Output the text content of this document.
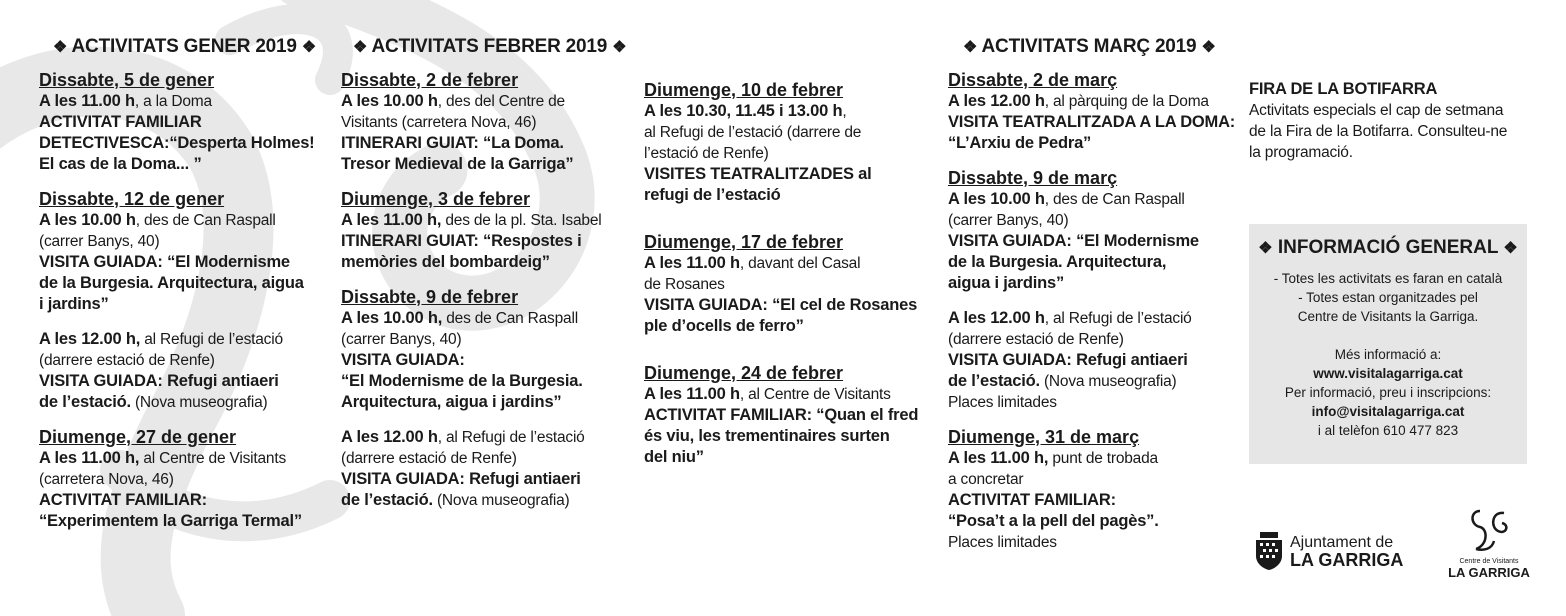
❖ ACTIVITATS GENER 2019 ❖
Dissabte, 5 de gener
A les 11.00 h, a la Doma
ACTIVITAT FAMILIAR
DETECTIVESCA:“Desperta Holmes!
El cas de la Doma... ”
Dissabte, 12 de gener
A les 10.00 h, des de Can Raspall
(carrer Banys, 40)
VISITA GUIADA: “El Modernisme
de la Burgesia. Arquitectura, aigua
i jardins”
A les 12.00 h, al Refugi de l’estació
(darrere estació de Renfe)
VISITA GUIADA: Refugi antiaeri
de l’estació. (Nova museografia)
Diumenge, 27 de gener
A les 11.00 h, al Centre de Visitants
(carretera Nova, 46)
ACTIVITAT FAMILIAR:
“Experimentem la Garriga Termal”
❖ ACTIVITATS FEBRER 2019 ❖
Dissabte, 2 de febrer
A les 10.00 h, des del Centre de
Visitants (carretera Nova, 46)
ITINERARI GUIAT: “La Doma.
Tresor Medieval de la Garriga”
Diumenge, 3 de febrer
A les 11.00 h, des de la pl. Sta. Isabel
ITINERARI GUIAT: “Respostes i
memòries del bombardeig”
Dissabte, 9 de febrer
A les 10.00 h, des de Can Raspall
(carrer Banys, 40)
VISITA GUIADA:
“El Modernisme de la Burgesia.
Arquitectura, aigua i jardins”
A les 12.00 h, al Refugi de l’estació
(darrere estació de Renfe)
VISITA GUIADA: Refugi antiaeri
de l’estació. (Nova museografia)
Diumenge, 10 de febrer
A les 10.30, 11.45 i 13.00 h,
al Refugi de l’estació (darrere de
l’estació de Renfe)
VISITES TEATRALITZADES al
refugi de l’estació
Diumenge, 17 de febrer
A les 11.00 h, davant del Casal
de Rosanes
VISITA GUIADA: “El cel de Rosanes
ple d’ocells de ferro”
Diumenge, 24 de febrer
A les 11.00 h, al Centre de Visitants
ACTIVITAT FAMILIAR: “Quan el fred
és viu, les trementinaires surten
del niu”
❖ ACTIVITATS MARÇ 2019 ❖
Dissabte, 2 de març
A les 12.00 h, al pàrquing de la Doma
VISITA TEATRALITZADA A LA DOMA:
“L’Arxiu de Pedra”
Dissabte, 9 de març
A les 10.00 h, des de Can Raspall
(carrer Banys, 40)
VISITA GUIADA: “El Modernisme
de la Burgesia. Arquitectura,
aigua i jardins”
A les 12.00 h, al Refugi de l’estació
(darrere estació de Renfe)
VISITA GUIADA: Refugi antiaeri
de l’estació. (Nova museografia)
Places limitades
Diumenge, 31 de març
A les 11.00 h, punt de trobada
a concretar
ACTIVITAT FAMILIAR:
“Posa’t a la pell del pagès”.
Places limitades
FIRA DE LA BOTIFARRA
Activitats especials el cap de setmana
de la Fira de la Botifarra. Consulteu-ne
la programació.
❖ INFORMACIÓ GENERAL ❖
- Totes les activitats es faran en català
- Totes estan organitzades pel
Centre de Visitants la Garriga.
Més informació a:
www.visitalagarriga.cat
Per informació, preu i inscripcions:
info@visitalagarriga.cat
i al telèfon 610 477 823
Ajuntament de
LA GARRIGA	Centre de Visitants
LA GARRIGA
